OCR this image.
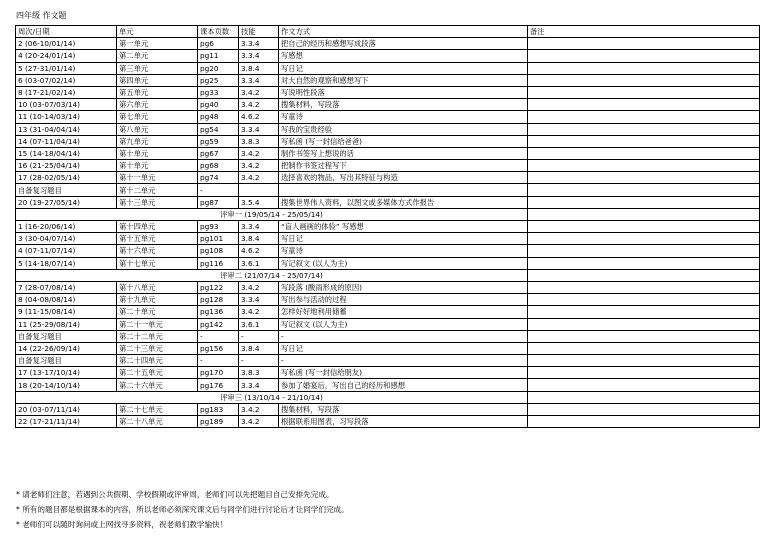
四年级 作文题
周次/日期	单元	课本页数	技能	作文方式	备注
2 (06-10/01/14)	第一单元	pg6	3.3.4	把自己的经历和感想写成段落	
4 (20-24/01/14)	第二单元	pg11	3.3.4	写感想	
5 (27-31/01/14)	第三单元	pg20	3.8.4	写日记	
6 (03-07/02/14)	第四单元	pg25	3.3.4	对大自然的观察和感想写下	
8 (17-21/02/14)	第五单元	pg33	3.4.2	写说明性段落	
10 (03-07/03/14)	第六单元	pg40	3.4.2	搜集材料，写段落	
11 (10-14/03/14)	第七单元	pg48	4.6.2	写童诗	
13 (31-04/04/14)	第八单元	pg54	3.3.4	写我的宝贵经验	
14 (07-11/04/14)	第九单元	pg59	3.8.3	写私函 (写一封信给爸爸)	
15 (14-18/04/14)	第十单元	pg67	3.4.2	制作书签写上想说的话	
16 (21-25/04/14)	第十单元	pg68	3.4.2	把制作书签过程写下	
17 (28-02/05/14)	第十一单元	pg74	3.4.2	选择喜欢的物品，写出其特征与构造	
自备复习题目	第十二单元	-			
20 (19-27/05/14)	第十三单元	pg87	3.5.4	搜集世界伟人资料，以图文或多媒体方式作报告	
评审一 (19/05/14 - 25/05/14)					
1 (16-20/06/14)	第十四单元	pg93	3.3.4	“盲人画画的体验” 写感想	
3 (30-04/07/14)	第十五单元	pg101	3.8.4	写日记	
4 (07-11/07/14)	第十六单元	pg108	4.6.2	写童诗	
5 (14-18/07/14)	第十七单元	pg116	3.6.1	写记叙文 (以人为主)	
评审二 (21/07/14 - 25/07/14)					
7 (28-07/08/14)	第十八单元	pg122	3.4.2	写段落 (酸雨形成的原因)	
8 (04-08/08/14)	第十九单元	pg128	3.3.4	写出参与活动的过程	
9 (11-15/08/14)	第二十单元	pg136	3.4.2	怎样好好地利用储蓄	
11 (25-29/08/14)	第二十一单元	pg142	3.6.1	写记叙文 (以人为主)	
自备复习题目	第二十二单元	-	-	-	
14 (22-26/09/14)	第二十三单元	pg156	3.8.4	写日记	
自备复习题目	第二十四单元	-	-	-	
17 (13-17/10/14)	第二十五单元	pg170	3.8.3	写私函 (写一封信给朋友)	
18 (20-14/10/14)	第二十六单元	pg176	3.3.4	参加了婚宴后，写出自己的经历和感想	
评审三 (13/10/14 - 21/10/14)					
20 (03-07/11/14)	第二十七单元	pg183	3.4.2	搜集材料，写段落	
22 (17-21/11/14)	第二十八单元	pg189	3.4.2	根据联系用图表，习写段落	
* 请老师们注意，若遇到公共假期、学校假期或评审周，老师们可以先把题目自己安排先完成。
* 所有的题目都是根据课本的内容，所以老师必须深究课文后与同学们进行讨论后才让同学们完成。
* 老师们可以随时询问或上网找寻多资料，祝老师们教学愉快！
